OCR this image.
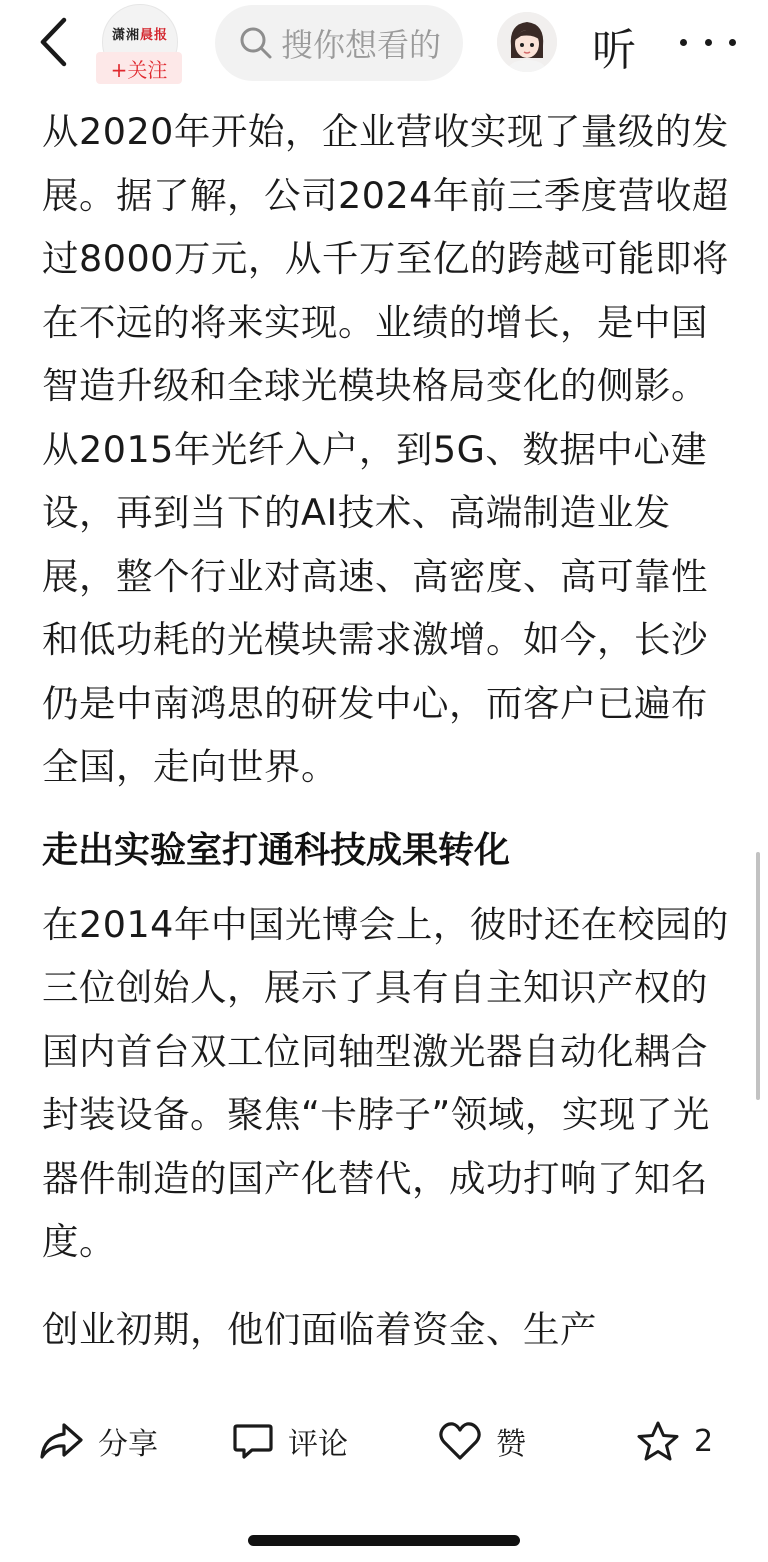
潇湘晨报
+关注
搜你想看的	听

从2020年开始，企业营收实现了量级的发展。据了解，公司2024年前三季度营收超过8000万元，从千万至亿的跨越可能即将在不远的将来实现。业绩的增长，是中国智造升级和全球光模块格局变化的侧影。从2015年光纤入户，到5G、数据中心建设，再到当下的AI技术、高端制造业发展，整个行业对高速、高密度、高可靠性和低功耗的光模块需求激增。如今，长沙仍是中南鸿思的研发中心，而客户已遍布全国，走向世界。

走出实验室打通科技成果转化

在2014年中国光博会上，彼时还在校园的三位创始人，展示了具有自主知识产权的国内首台双工位同轴型激光器自动化耦合封装设备。聚焦“卡脖子”领域，实现了光器件制造的国产化替代，成功打响了知名度。

创业初期，他们面临着资金、生产

分享	评论	赞	2
